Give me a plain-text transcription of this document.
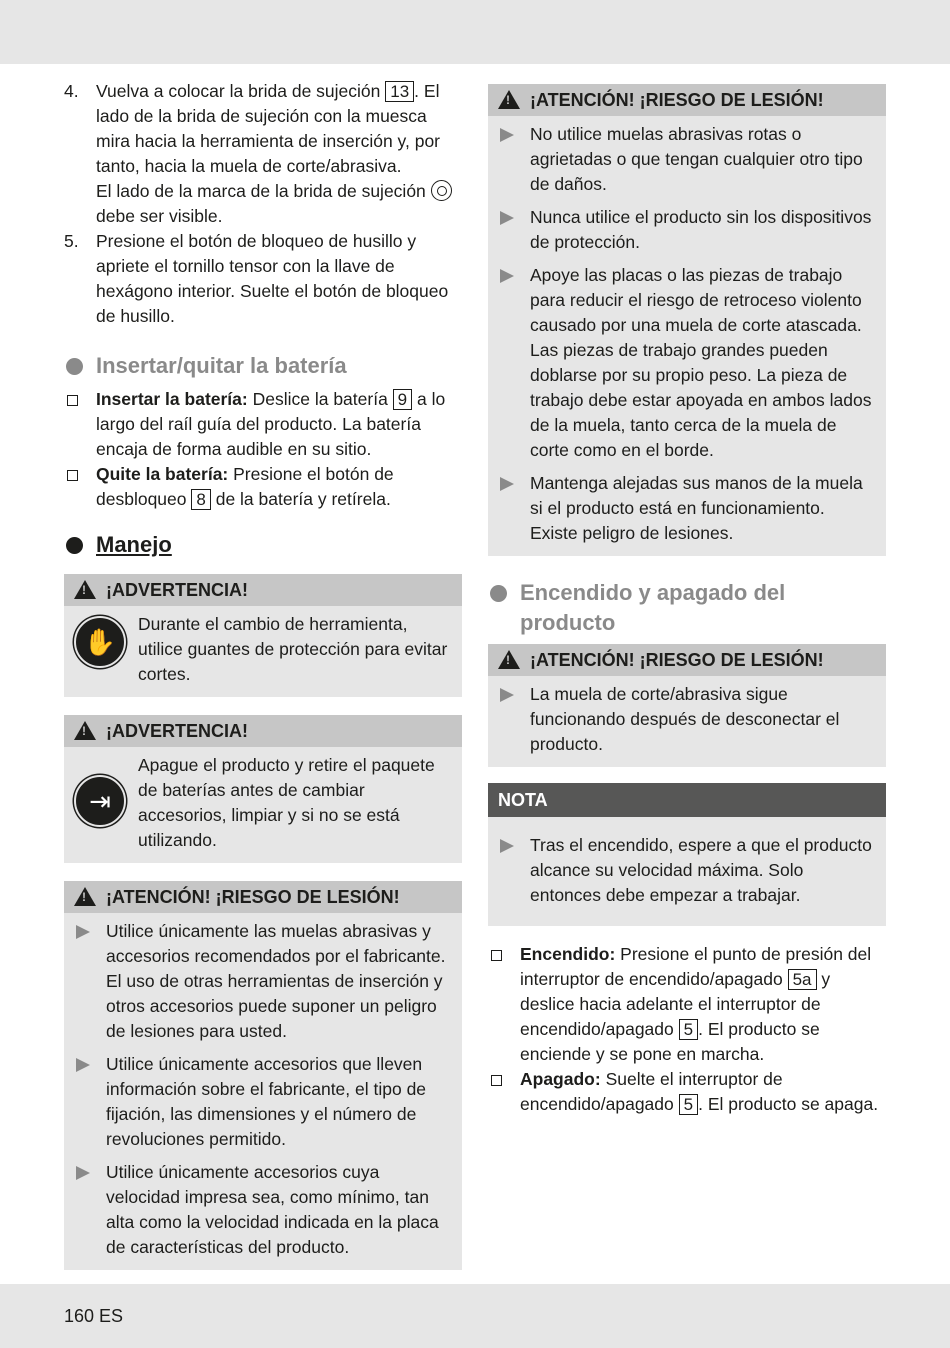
4. Vuelva a colocar la brida de sujeción 13 . El lado de la brida de sujeción con la muesca mira hacia la herramienta de inserción y, por tanto, hacia la muela de corte/abrasiva.
El lado de la marca de la brida de sujeción  debe ser visible.
5. Presione el botón de bloqueo de husillo y apriete el tornillo tensor con la llave de hexágono interior. Suelte el botón de bloqueo de husillo.
Insertar/quitar la batería
Insertar la batería: Deslice la batería 9 a lo largo del raíl guía del producto. La batería encaja de forma audible en su sitio.
Quite la batería: Presione el botón de desbloqueo 8 de la batería y retírela.
Manejo
!
¡ADVERTENCIA!
✋
Durante el cambio de herramienta, utilice guantes de protección para evitar cortes.
!
¡ADVERTENCIA!
⇥
Apague el producto y retire el paquete de baterías antes de cambiar accesorios, limpiar y si no se está utilizando.
!
¡ATENCIÓN! ¡RIESGO DE LESIÓN!
Utilice únicamente las muelas abrasivas y accesorios recomendados por el fabricante. El uso de otras herramientas de inserción y otros accesorios puede suponer un peligro de lesiones para usted.
Utilice únicamente accesorios que lleven información sobre el fabricante, el tipo de fijación, las dimensiones y el número de revoluciones permitido.
Utilice únicamente accesorios cuya velocidad impresa sea, como mínimo, tan alta como la velocidad indicada en la placa de características del producto.
!
¡ATENCIÓN! ¡RIESGO DE LESIÓN!
No utilice muelas abrasivas rotas o agrietadas o que tengan cualquier otro tipo de daños.
Nunca utilice el producto sin los dispositivos de protección.
Apoye las placas o las piezas de trabajo para reducir el riesgo de retroceso violento causado por una muela de corte atascada. Las piezas de trabajo grandes pueden doblarse por su propio peso. La pieza de trabajo debe estar apoyada en ambos lados de la muela, tanto cerca de la muela de corte como en el borde.
Mantenga alejadas sus manos de la muela si el producto está en funcionamiento. Existe peligro de lesiones.
Encendido y apagado del producto
!
¡ATENCIÓN! ¡RIESGO DE LESIÓN!
La muela de corte/abrasiva sigue funcionando después de desconectar el producto.
NOTA
Tras el encendido, espere a que el producto alcance su velocidad máxima. Solo entonces debe empezar a trabajar.
Encendido: Presione el punto de presión del interruptor de encendido/apagado 5a y deslice hacia adelante el interruptor de encendido/apagado 5 . El producto se enciende y se pone en marcha.
Apagado: Suelte el interruptor de encendido/apagado 5 . El producto se apaga.
160 ES
